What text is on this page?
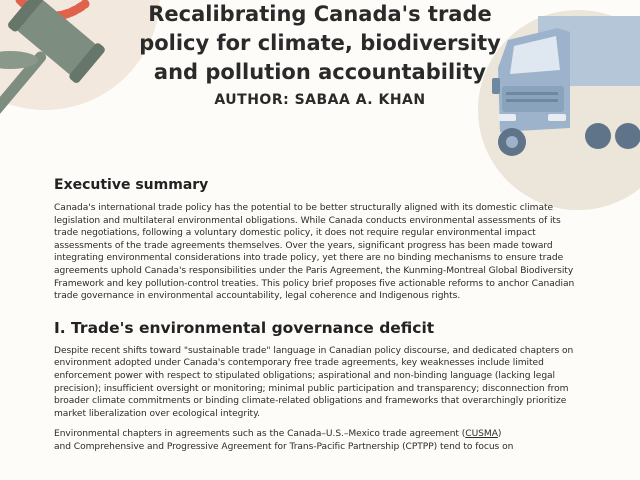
Recalibrating Canada's trade
policy for climate, biodiversity
and pollution accountability
AUTHOR: SABAA A. KHAN
Executive summary

Canada's international trade policy has the potential to be better structurally aligned with its domestic climate legislation and multilateral environmental obligations. While Canada conducts environmental assessments of its trade negotiations, following a voluntary domestic policy, it does not require regular environmental impact assessments of the trade agreements themselves. Over the years, significant progress has been made toward integrating environmental considerations into trade policy, yet there are no binding mechanisms to ensure trade agreements uphold Canada's responsibilities under the Paris Agreement, the Kunming-Montreal Global Biodiversity Framework and key pollution-control treaties. This policy brief proposes five actionable reforms to anchor Canadian trade governance in environmental accountability, legal coherence and Indigenous rights.

I. Trade's environmental governance deficit

Despite recent shifts toward "sustainable trade" language in Canadian policy discourse, and dedicated chapters on environment adopted under Canada's contemporary free trade agreements, key weaknesses include limited enforcement power with respect to stipulated obligations; aspirational and non-binding language (lacking legal precision); insufficient oversight or monitoring; minimal public participation and transparency; disconnection from broader climate commitments or binding climate-related obligations and frameworks that overarchingly prioritize market liberalization over ecological integrity.

Environmental chapters in agreements such as the Canada–U.S.–Mexico trade agreement (CUSMA)
and Comprehensive and Progressive Agreement for Trans-Pacific Partnership (CPTPP) tend to focus on
